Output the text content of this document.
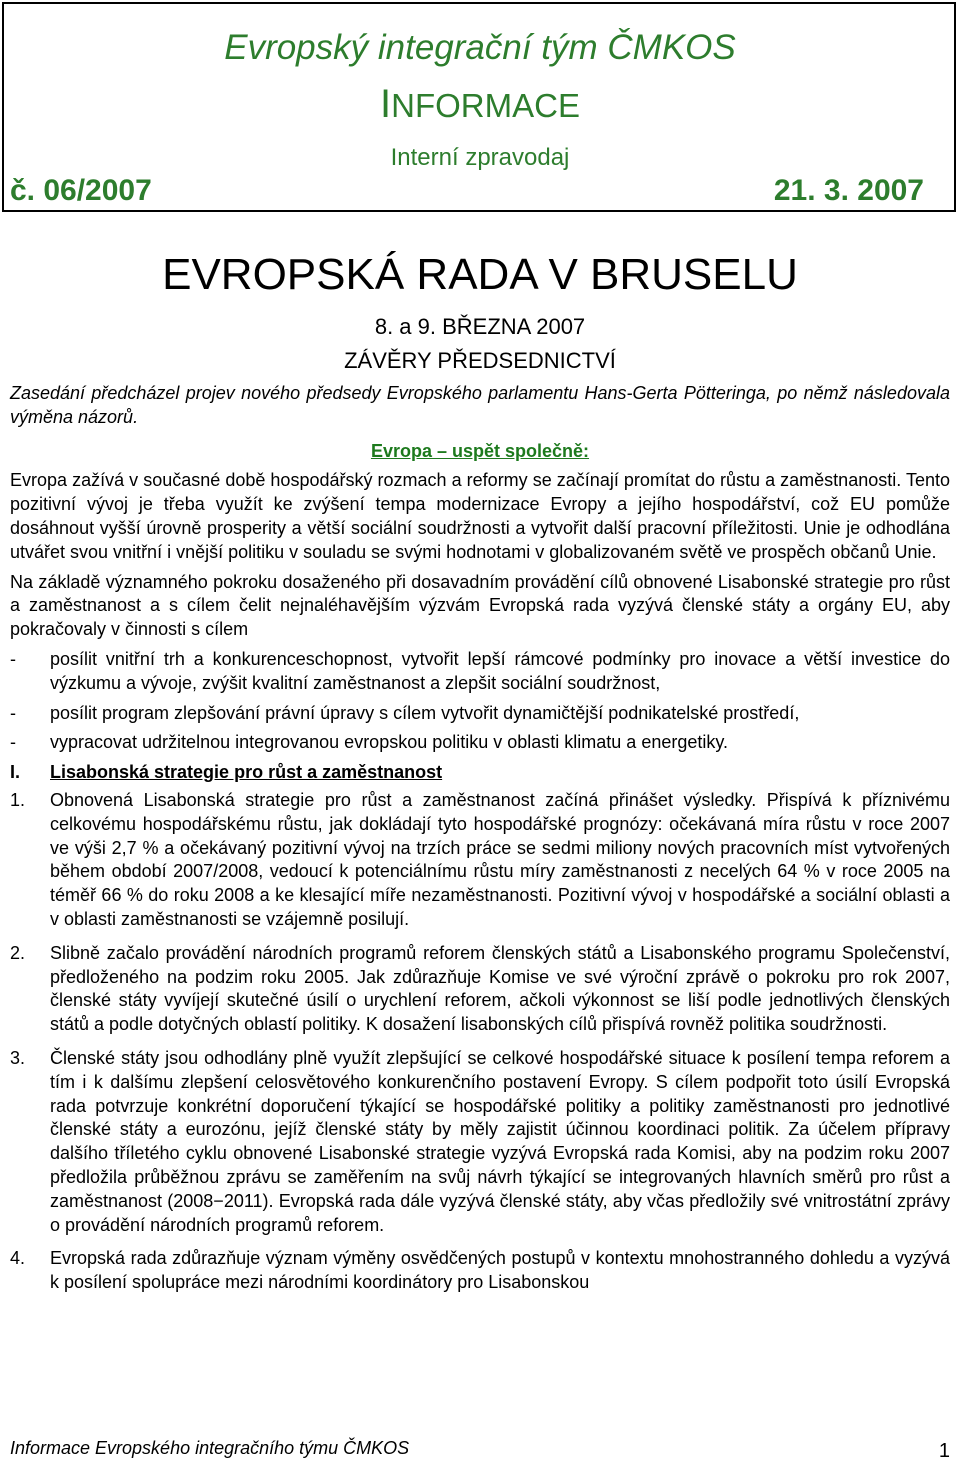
Evropský integrační tým ČMKOS
INFORMACE
Interní zpravodaj
č. 06/2007	21. 3. 2007
EVROPSKÁ RADA V BRUSELU
8. a 9. BŘEZNA 2007
ZÁVĚRY PŘEDSEDNICTVÍ

Zasedání předcházel projev nového předsedy Evropského parlamentu Hans-Gerta Pötteringa, po němž následovala výměna názorů.

Evropa – uspět společně:

Evropa zažívá v současné době hospodářský rozmach a reformy se začínají promítat do růstu a zaměstnanosti. Tento pozitivní vývoj je třeba využít ke zvýšení tempa modernizace Evropy a jejího hospodářství, což EU pomůže dosáhnout vyšší úrovně prosperity a větší sociální soudržnosti a vytvořit další pracovní příležitosti. Unie je odhodlána utvářet svou vnitřní i vnější politiku v souladu se svými hodnotami v globalizovaném světě ve prospěch občanů Unie.

Na základě významného pokroku dosaženého při dosavadním provádění cílů obnovené Lisabonské strategie pro růst a zaměstnanost a s cílem čelit nejnaléhavějším výzvám Evropská rada vyzývá členské státy a orgány EU, aby pokračovaly v činnosti s cílem

-	posílit vnitřní trh a konkurenceschopnost, vytvořit lepší rámcové podmínky pro inovace a větší investice do výzkumu a vývoje, zvýšit kvalitní zaměstnanost a zlepšit sociální soudržnost,
-	posílit program zlepšování právní úpravy s cílem vytvořit dynamičtější podnikatelské prostředí,
-	vypracovat udržitelnou integrovanou evropskou politiku v oblasti klimatu a energetiky.
I.	Lisabonská strategie pro růst a zaměstnanost
1.	Obnovená Lisabonská strategie pro růst a zaměstnanost začíná přinášet výsledky. Přispívá k příznivému celkovému hospodářskému růstu, jak dokládají tyto hospodářské prognózy: očekávaná míra růstu v roce 2007 ve výši 2,7 % a očekávaný pozitivní vývoj na trzích práce se sedmi miliony nových pracovních míst vytvořených během období 2007/2008, vedoucí k potenciálnímu růstu míry zaměstnanosti z necelých 64 % v roce 2005 na téměř 66 % do roku 2008 a ke klesající míře nezaměstnanosti. Pozitivní vývoj v hospodářské a sociální oblasti a v oblasti zaměstnanosti se vzájemně posilují.
2.	Slibně začalo provádění národních programů reforem členských států a Lisabonského programu Společenství, předloženého na podzim roku 2005. Jak zdůrazňuje Komise ve své výroční zprávě o pokroku pro rok 2007, členské státy vyvíjejí skutečné úsilí o urychlení reforem, ačkoli výkonnost se liší podle jednotlivých členských států a podle dotyčných oblastí politiky. K dosažení lisabonských cílů přispívá rovněž politika soudržnosti.
3.	Členské státy jsou odhodlány plně využít zlepšující se celkové hospodářské situace k posílení tempa reforem a tím i k dalšímu zlepšení celosvětového konkurenčního postavení Evropy. S cílem podpořit toto úsilí Evropská rada potvrzuje konkrétní doporučení týkající se hospodářské politiky a politiky zaměstnanosti pro jednotlivé členské státy a eurozónu, jejíž členské státy by měly zajistit účinnou koordinaci politik. Za účelem přípravy dalšího tříletého cyklu obnovené Lisabonské strategie vyzývá Evropská rada Komisi, aby na podzim roku 2007 předložila průběžnou zprávu se zaměřením na svůj návrh týkající se integrovaných hlavních směrů pro růst a zaměstnanost (2008−2011). Evropská rada dále vyzývá členské státy, aby včas předložily své vnitrostátní zprávy o provádění národních programů reforem.
4.	Evropská rada zdůrazňuje význam výměny osvědčených postupů v kontextu mnohostranného dohledu a vyzývá k posílení spolupráce mezi národními koordinátory pro Lisabonskou
Informace Evropského integračního týmu ČMKOS	1
